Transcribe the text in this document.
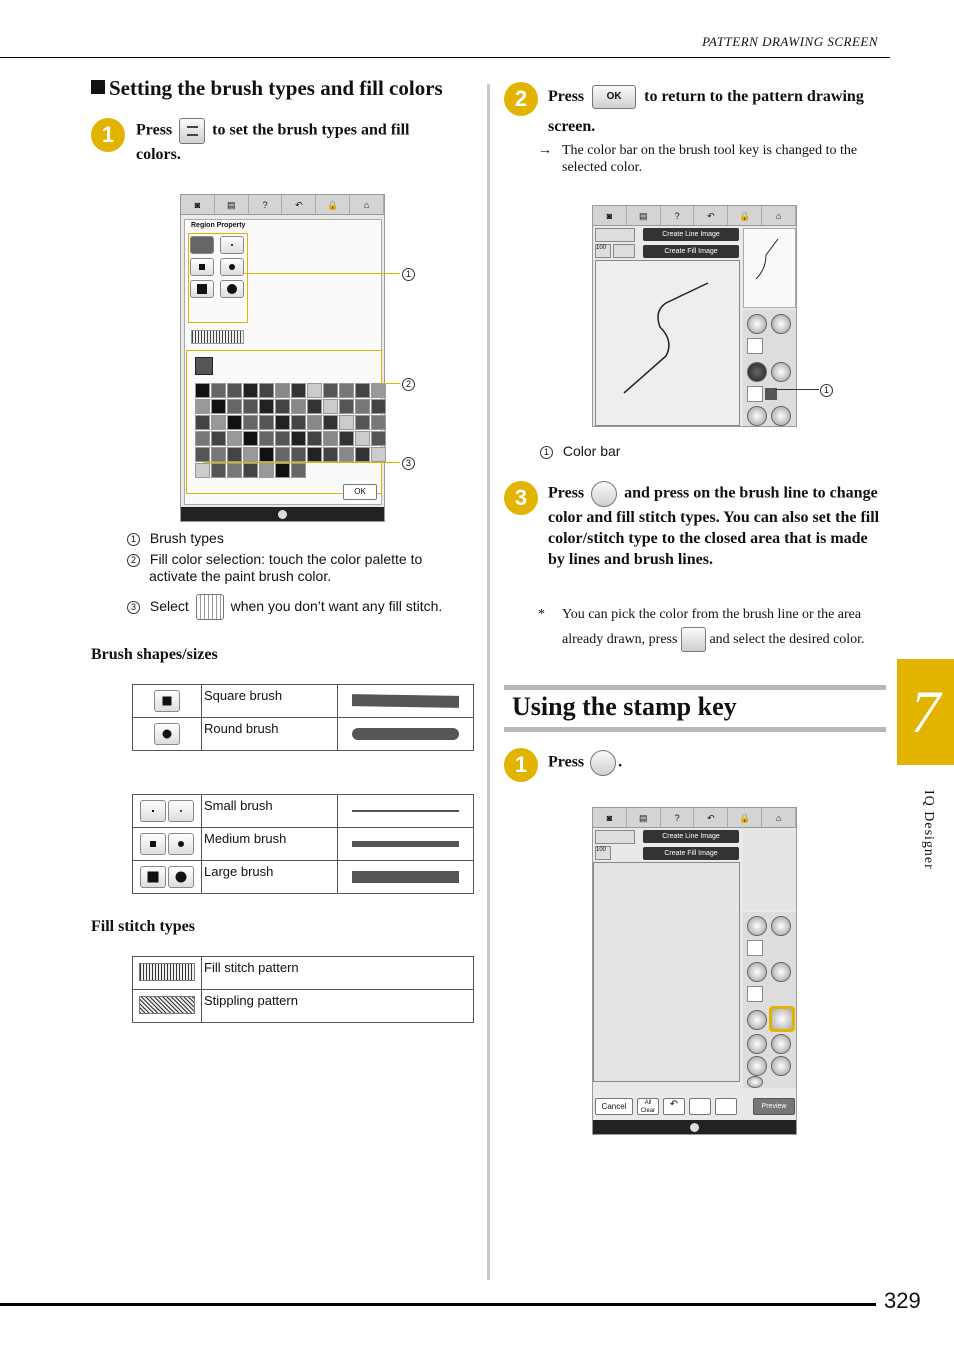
PATTERN DRAWING SCREEN
Setting the brush types and fill colors
1	Press	to set the brush types and fill colors.
◙	▤	?	↶	🔒	⌂
Region Property

OK
1
2
3
1 Brush types
2 Fill color selection: touch the color palette to activate the paint brush color.
3 Select	when you don’t want any fill stitch.
Brush shapes/sizes
	Square brush	

	Round brush	
	Small brush	

	Medium brush	

	Large brush	
Fill stitch types
	Fill stitch pattern
	Stippling pattern
2	Press OK to return to the pattern drawing screen.
→ The color bar on the brush tool key is changed to the selected color.
◙	▤	?	↶	🔒	⌂
100
Create Line Image
Create Fill Image
1
1 Color bar
3	Press	and press on the brush line to change color and fill stitch types. You can also set the fill color/stitch type to the closed area that is made by lines and brush lines.
* You can pick the color from the brush line or the area already drawn, press and select the desired color.
Using the stamp key
1	Press .
◙	▤	?	↶	🔒	⌂
100
Create Line Image
Create Fill Image
Cancel	All Clear
↶	Preview
7
IQ Designer
329
